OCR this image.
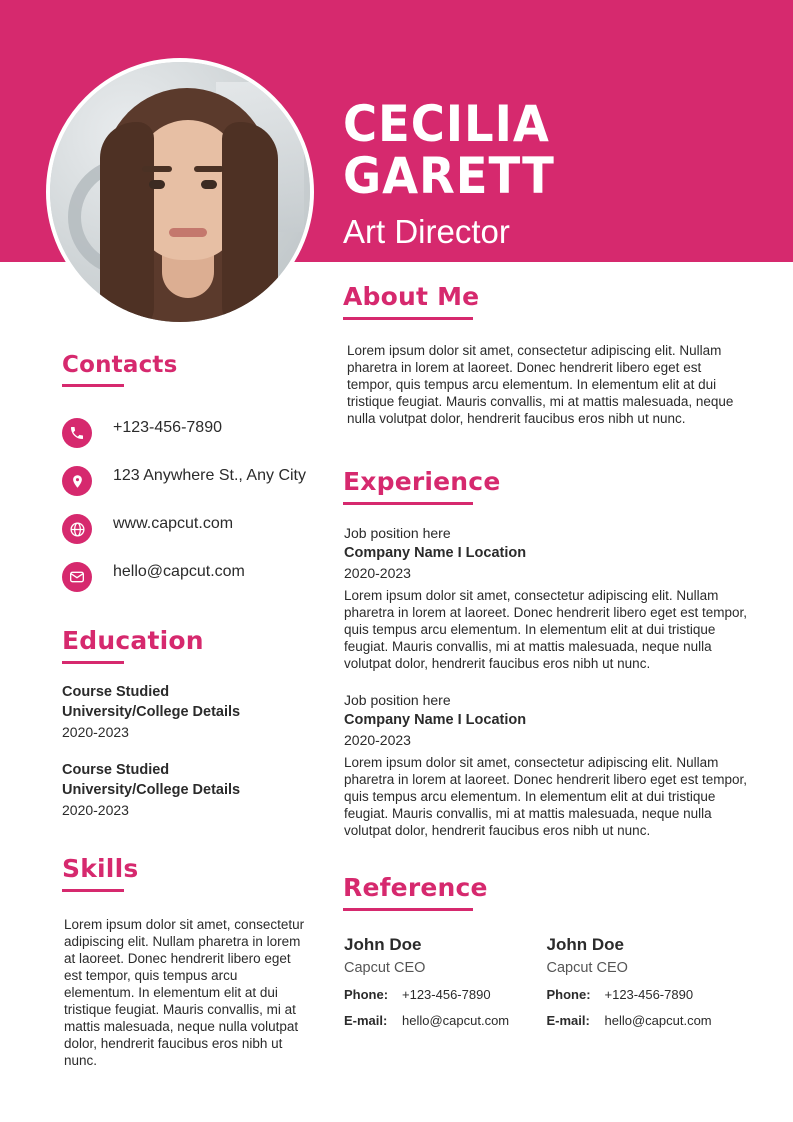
CECILIA GARETT
Art Director
Contacts
+123-456-7890
123 Anywhere St., Any City
www.capcut.com
hello@capcut.com
Education

Course Studied

University/College Details

2020-2023

Course Studied

University/College Details

2020-2023

Skills

Lorem ipsum dolor sit amet, consectetur adipiscing elit. Nullam pharetra in lorem at laoreet. Donec hendrerit libero eget est tempor, quis tempus arcu elementum. In elementum elit at dui tristique feugiat. Mauris convallis, mi at mattis malesuada, neque nulla volutpat dolor, hendrerit faucibus eros nibh ut nunc.

About Me

Lorem ipsum dolor sit amet, consectetur adipiscing elit. Nullam pharetra in lorem at laoreet. Donec hendrerit libero eget est tempor, quis tempus arcu elementum. In elementum elit at dui tristique feugiat. Mauris convallis, mi at mattis malesuada, neque nulla volutpat dolor, hendrerit faucibus eros nibh ut nunc.

Experience

Job position here

Company Name I Location

2020-2023

Lorem ipsum dolor sit amet, consectetur adipiscing elit. Nullam pharetra in lorem at laoreet. Donec hendrerit libero eget est tempor, quis tempus arcu elementum. In elementum elit at dui tristique feugiat. Mauris convallis, mi at mattis malesuada, neque nulla volutpat dolor, hendrerit faucibus eros nibh ut nunc.

Job position here

Company Name I Location

2020-2023

Lorem ipsum dolor sit amet, consectetur adipiscing elit. Nullam pharetra in lorem at laoreet. Donec hendrerit libero eget est tempor, quis tempus arcu elementum. In elementum elit at dui tristique feugiat. Mauris convallis, mi at mattis malesuada, neque nulla volutpat dolor, hendrerit faucibus eros nibh ut nunc.

Reference

John Doe

Capcut CEO

Phone:	+123-456-7890
E-mail:	hello@capcut.com

John Doe

Capcut CEO

Phone:	+123-456-7890
E-mail:	hello@capcut.com
